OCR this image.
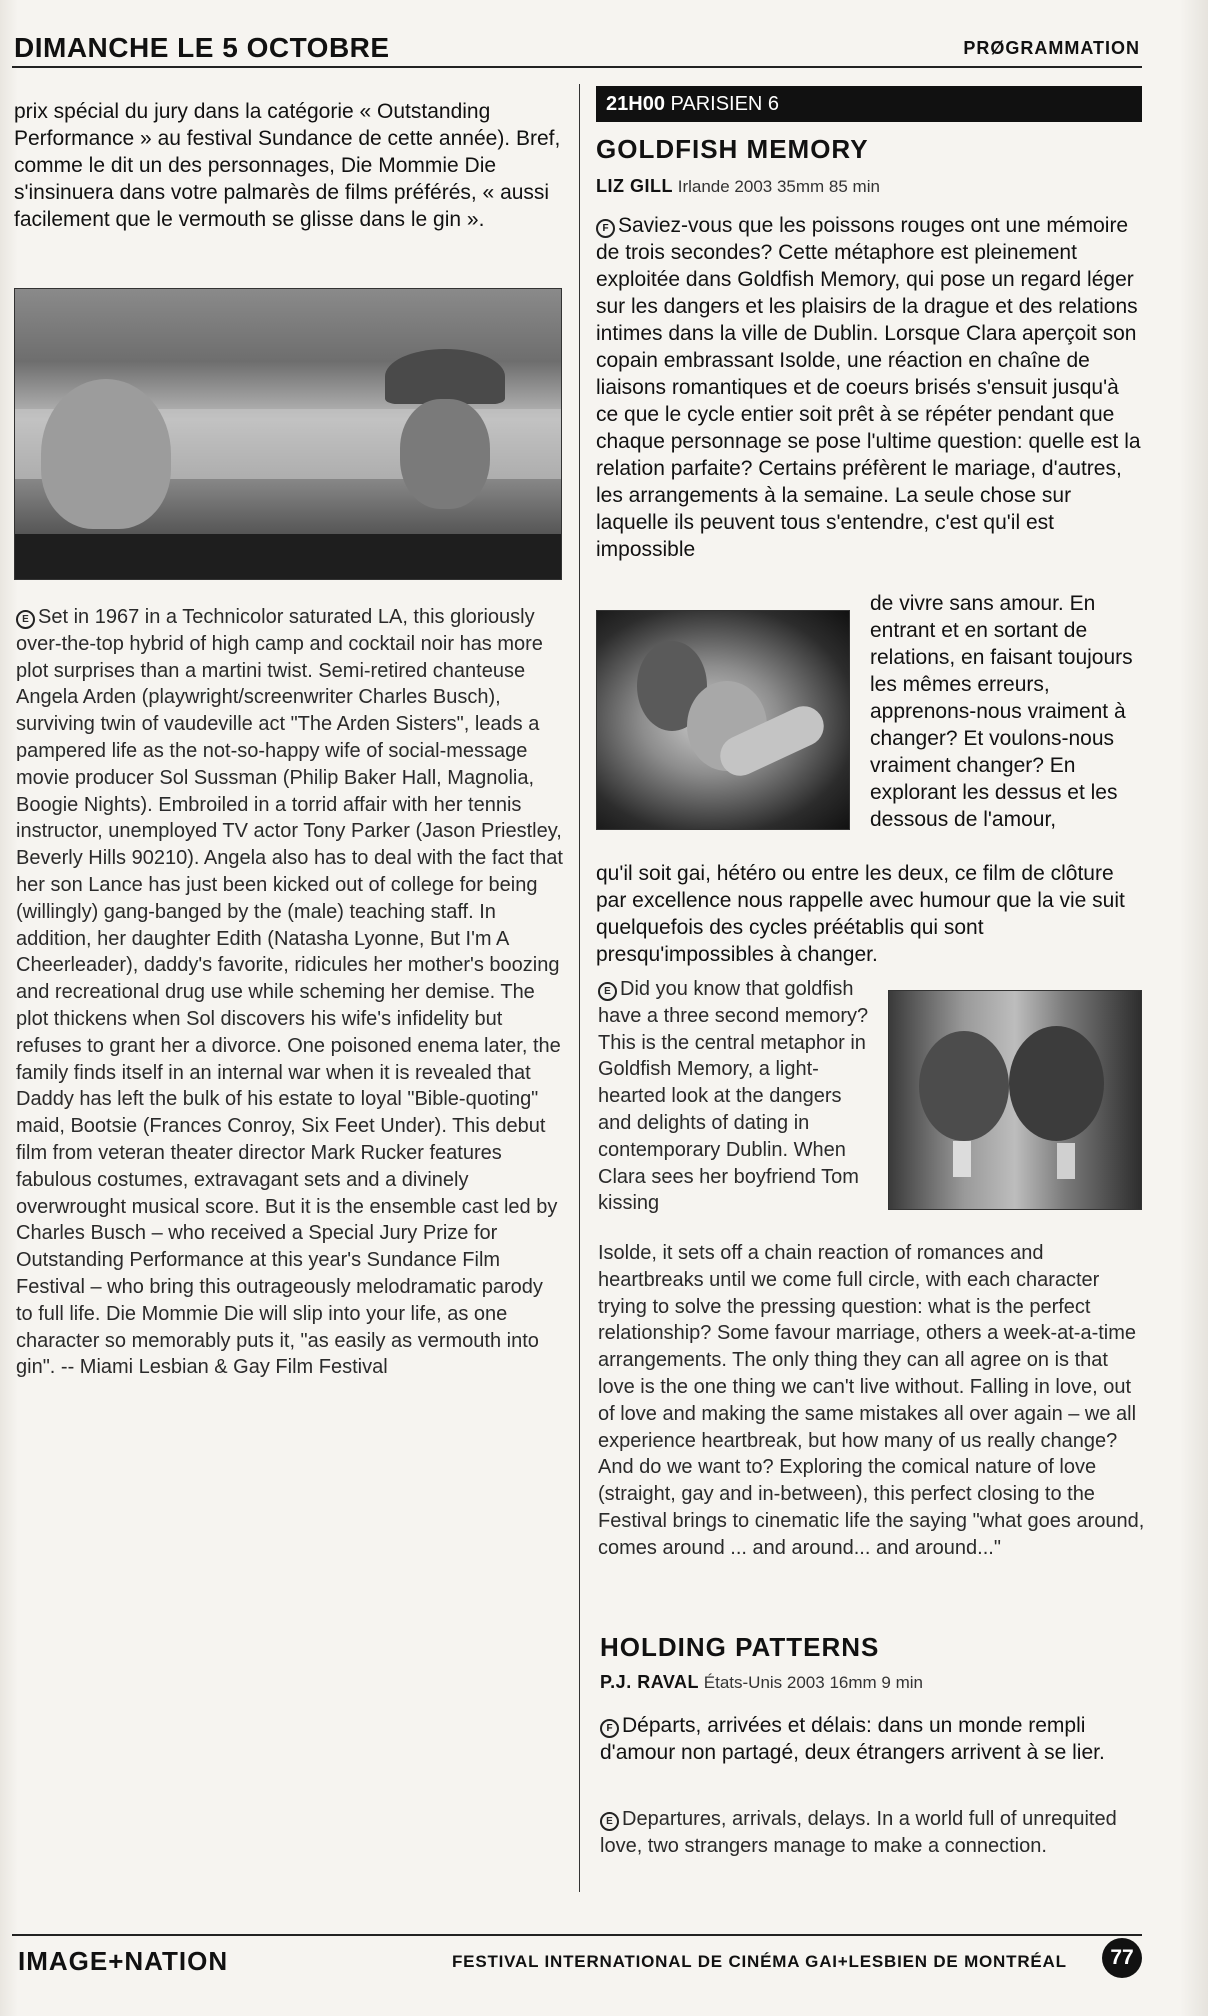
DIMANCHE LE 5 OCTOBRE	PRØGRAMMATION
prix spécial du jury dans la catégorie « Outstanding Performance » au festival Sundance de cette année). Bref, comme le dit un des personnages, Die Mommie Die s'insinuera dans votre palmarès de films préférés, « aussi facilement que le vermouth se glisse dans le gin ».
E Set in 1967 in a Technicolor saturated LA, this gloriously over-the-top hybrid of high camp and cocktail noir has more plot surprises than a martini twist. Semi-retired chanteuse Angela Arden (playwright/screenwriter Charles Busch), surviving twin of vaudeville act "The Arden Sisters", leads a pampered life as the not-so-happy wife of social-message movie producer Sol Sussman (Philip Baker Hall, Magnolia, Boogie Nights). Embroiled in a torrid affair with her tennis instructor, unemployed TV actor Tony Parker (Jason Priestley, Beverly Hills 90210). Angela also has to deal with the fact that her son Lance has just been kicked out of college for being (willingly) gang-banged by the (male) teaching staff. In addition, her daughter Edith (Natasha Lyonne, But I'm A Cheerleader), daddy's favorite, ridicules her mother's boozing and recreational drug use while scheming her demise. The plot thickens when Sol discovers his wife's infidelity but refuses to grant her a divorce. One poisoned enema later, the family finds itself in an internal war when it is revealed that Daddy has left the bulk of his estate to loyal "Bible-quoting" maid, Bootsie (Frances Conroy, Six Feet Under). This debut film from veteran theater director Mark Rucker features fabulous costumes, extravagant sets and a divinely overwrought musical score. But it is the ensemble cast led by Charles Busch – who received a Special Jury Prize for Outstanding Performance at this year's Sundance Film Festival – who bring this outrageously melodramatic parody to full life. Die Mommie Die will slip into your life, as one character so memorably puts it, "as easily as vermouth into gin". -- Miami Lesbian & Gay Film Festival
21H00 PARISIEN 6
GOLDFISH MEMORY
LIZ GILL Irlande 2003 35mm 85 min
F Saviez-vous que les poissons rouges ont une mémoire de trois secondes? Cette métaphore est pleinement exploitée dans Goldfish Memory, qui pose un regard léger sur les dangers et les plaisirs de la drague et des relations intimes dans la ville de Dublin. Lorsque Clara aperçoit son copain embrassant Isolde, une réaction en chaîne de liaisons romantiques et de coeurs brisés s'ensuit jusqu'à ce que le cycle entier soit prêt à se répéter pendant que chaque personnage se pose l'ultime question: quelle est la relation parfaite? Certains préfèrent le mariage, d'autres, les arrangements à la semaine. La seule chose sur laquelle ils peuvent tous s'entendre, c'est qu'il est impossible
de vivre sans amour. En entrant et en sortant de relations, en faisant toujours les mêmes erreurs, apprenons-nous vraiment à changer? Et voulons-nous vraiment changer? En explorant les dessus et les dessous de l'amour,
qu'il soit gai, hétéro ou entre les deux, ce film de clôture par excellence nous rappelle avec humour que la vie suit quelquefois des cycles préétablis qui sont presqu'impossibles à changer.
E Did you know that goldfish have a three second memory? This is the central metaphor in Goldfish Memory, a light-hearted look at the dangers and delights of dating in contemporary Dublin. When Clara sees her boyfriend Tom kissing
Isolde, it sets off a chain reaction of romances and heartbreaks until we come full circle, with each character trying to solve the pressing question: what is the perfect relationship? Some favour marriage, others a week-at-a-time arrangements. The only thing they can all agree on is that love is the one thing we can't live without. Falling in love, out of love and making the same mistakes all over again – we all experience heartbreak, but how many of us really change? And do we want to? Exploring the comical nature of love (straight, gay and in-between), this perfect closing to the Festival brings to cinematic life the saying "what goes around, comes around ... and around... and around..."
HOLDING PATTERNS
P.J. RAVAL États-Unis 2003 16mm 9 min
F Départs, arrivées et délais: dans un monde rempli d'amour non partagé, deux étrangers arrivent à se lier.
E Departures, arrivals, delays. In a world full of unrequited love, two strangers manage to make a connection.
IMAGE+NATION	FESTIVAL INTERNATIONAL DE CINÉMA GAI+LESBIEN DE MONTRÉAL	77
